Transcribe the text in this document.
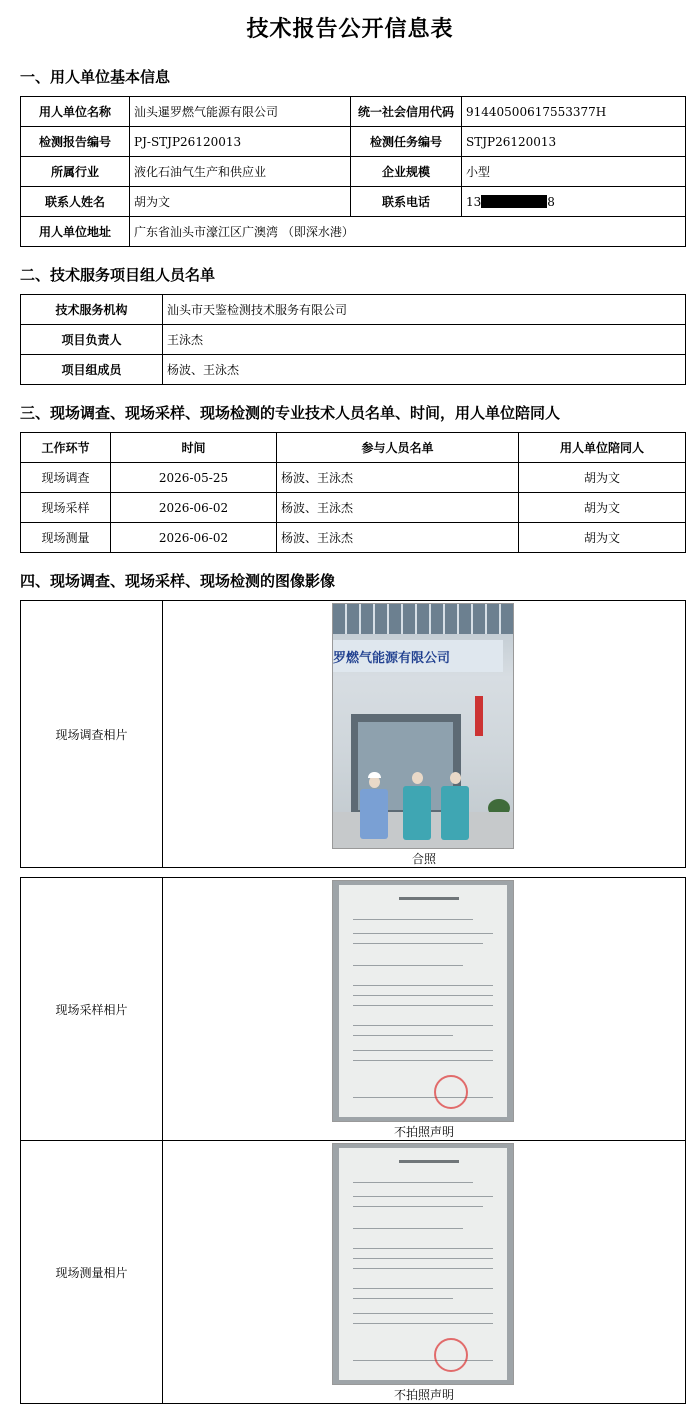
技术报告公开信息表
一、用人单位基本信息
用人单位名称	汕头暹罗燃气能源有限公司	统一社会信用代码	91440500617553377H
检测报告编号	PJ-STJP26120013	检测任务编号	STJP26120013
所属行业	液化石油气生产和供应业	企业规模	小型
联系人姓名	胡为文	联系电话	13 8
用人单位地址	广东省汕头市濠江区广澳湾 （即深水港）		
二、技术服务项目组人员名单
技术服务机构	汕头市天鉴检测技术服务有限公司
项目负责人	王泳杰
项目组成员	杨波、王泳杰
三、现场调查、现场采样、现场检测的专业技术人员名单、时间，用人单位陪同人
工作环节	时间	参与人员名单	用人单位陪同人
现场调查	2026-05-25	杨波、王泳杰	胡为文
现场采样	2026-06-02	杨波、王泳杰	胡为文
现场测量	2026-06-02	杨波、王泳杰	胡为文
四、现场调查、现场采样、现场检测的图像影像
现场调查相片	
罗燃气能源有限公司
合照
现场采样相片	不拍照声明

现场测量相片	不拍照声明
